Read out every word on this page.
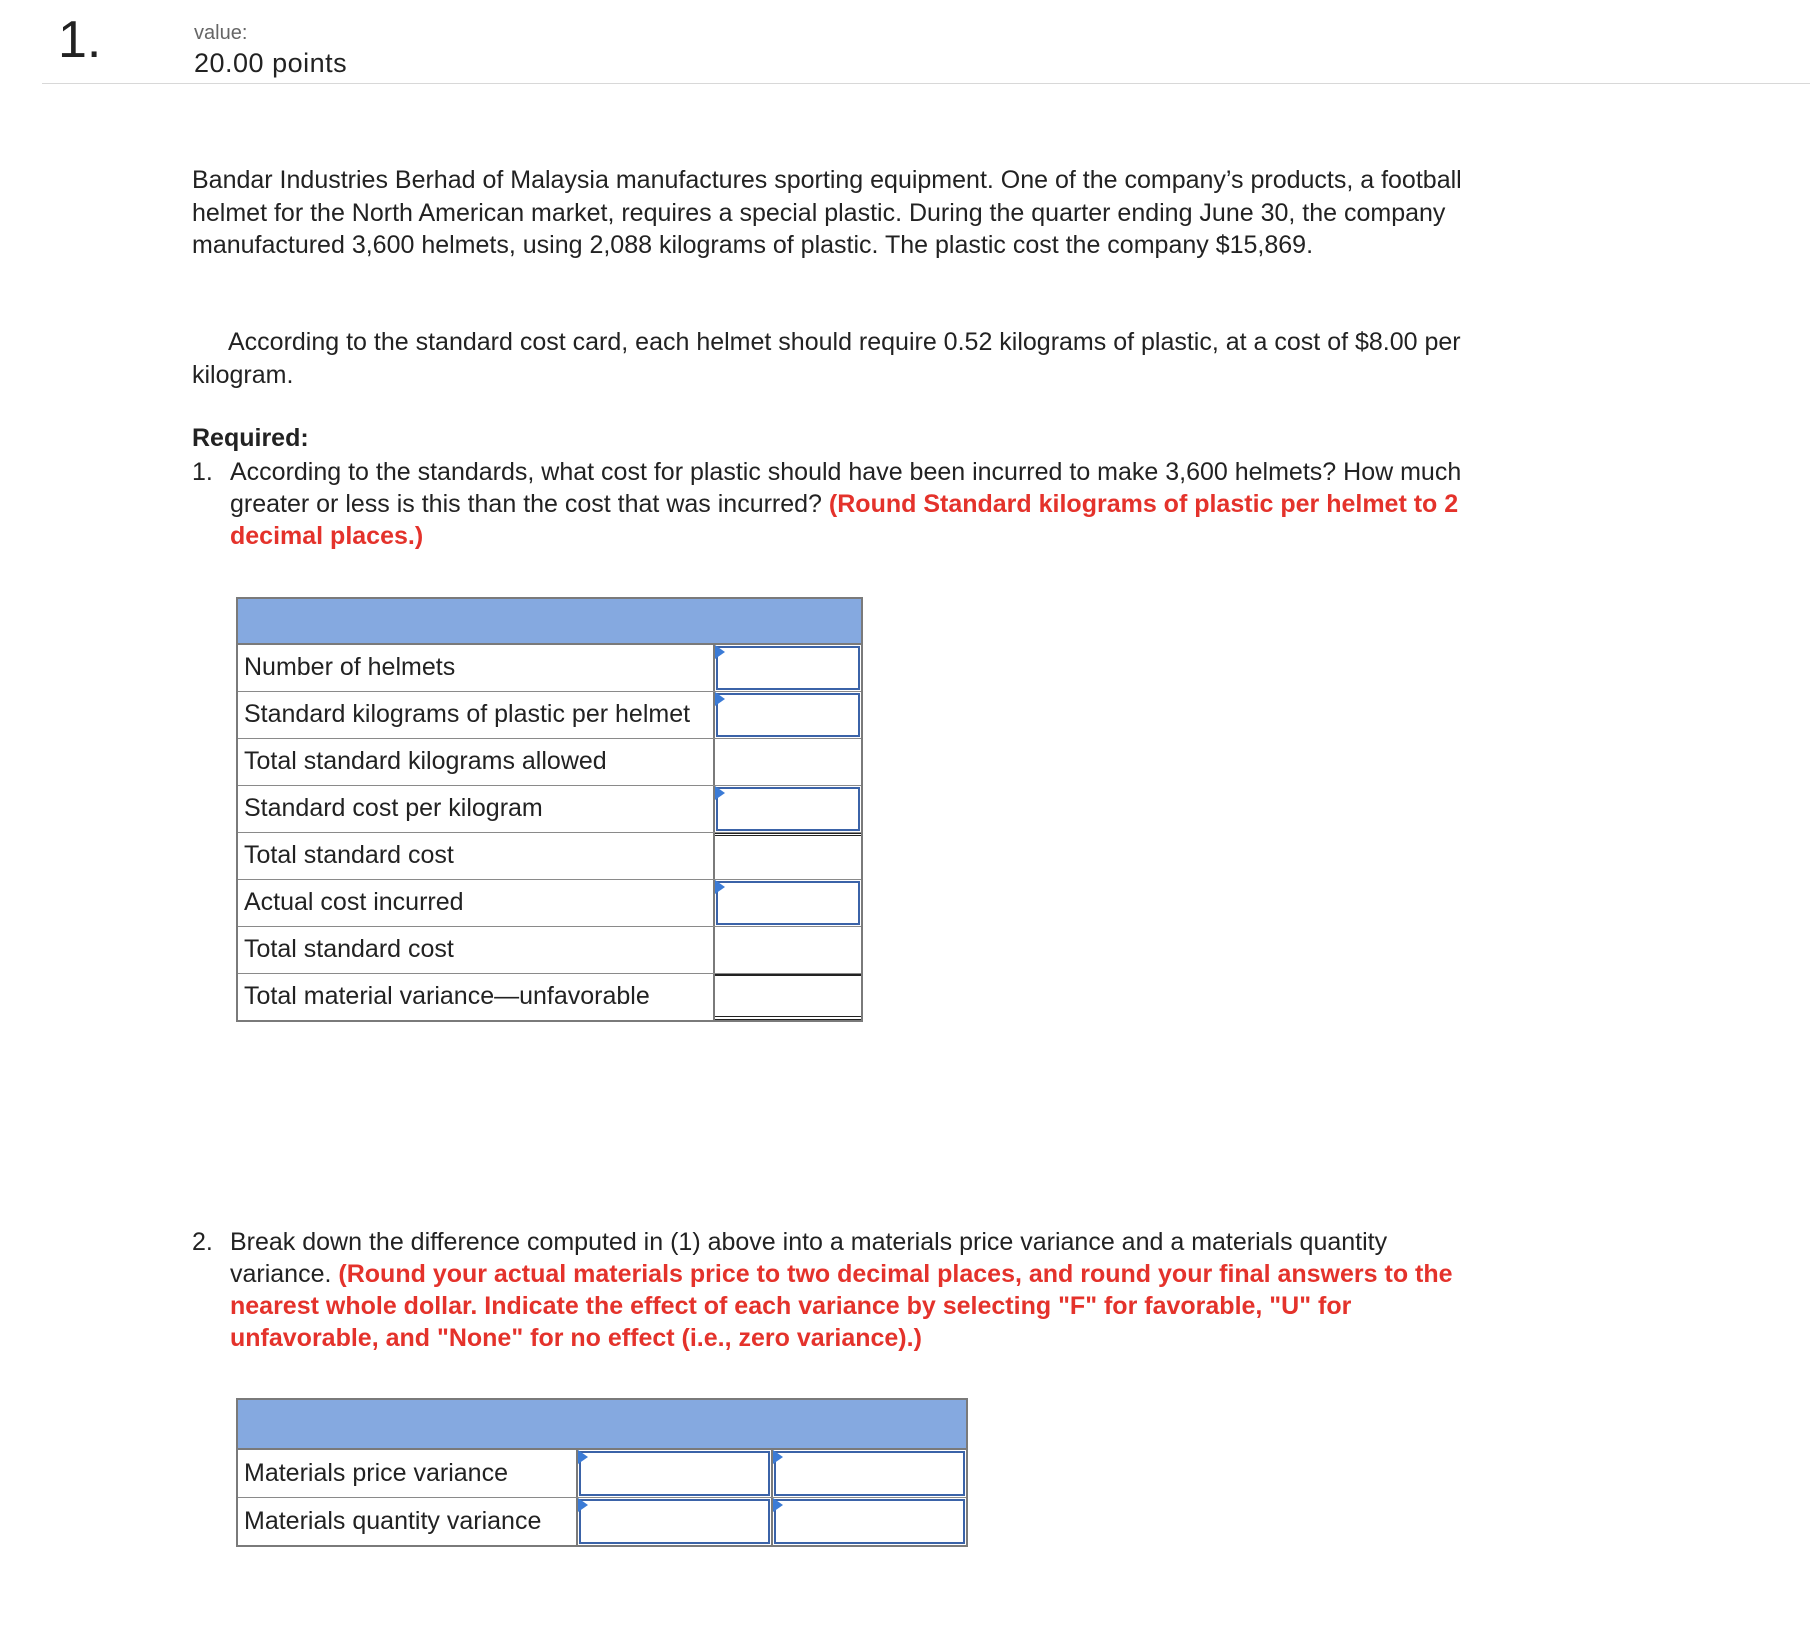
1.	value:
20.00 points

Bandar Industries Berhad of Malaysia manufactures sporting equipment. One of the company’s products, a football helmet for the North American market, requires a special plastic. During the quarter ending June 30, the company manufactured 3,600 helmets, using 2,088 kilograms of plastic. The plastic cost the company $15,869.

According to the standard cost card, each helmet should require 0.52 kilograms of plastic, at a cost of $8.00 per kilogram.

Required:

1. According to the standards, what cost for plastic should have been incurred to make 3,600 helmets? How much greater or less is this than the cost that was incurred? (Round Standard kilograms of plastic per helmet to 2 decimal places.)

Number of helmets
Standard kilograms of plastic per helmet
Total standard kilograms allowed
Standard cost per kilogram
Total standard cost
Actual cost incurred
Total standard cost
Total material variance—unfavorable

2. Break down the difference computed in (1) above into a materials price variance and a materials quantity variance. (Round your actual materials price to two decimal places, and round your final answers to the nearest whole dollar. Indicate the effect of each variance by selecting "F" for favorable, "U" for unfavorable, and "None" for no effect (i.e., zero variance).)

Materials price variance
Materials quantity variance
